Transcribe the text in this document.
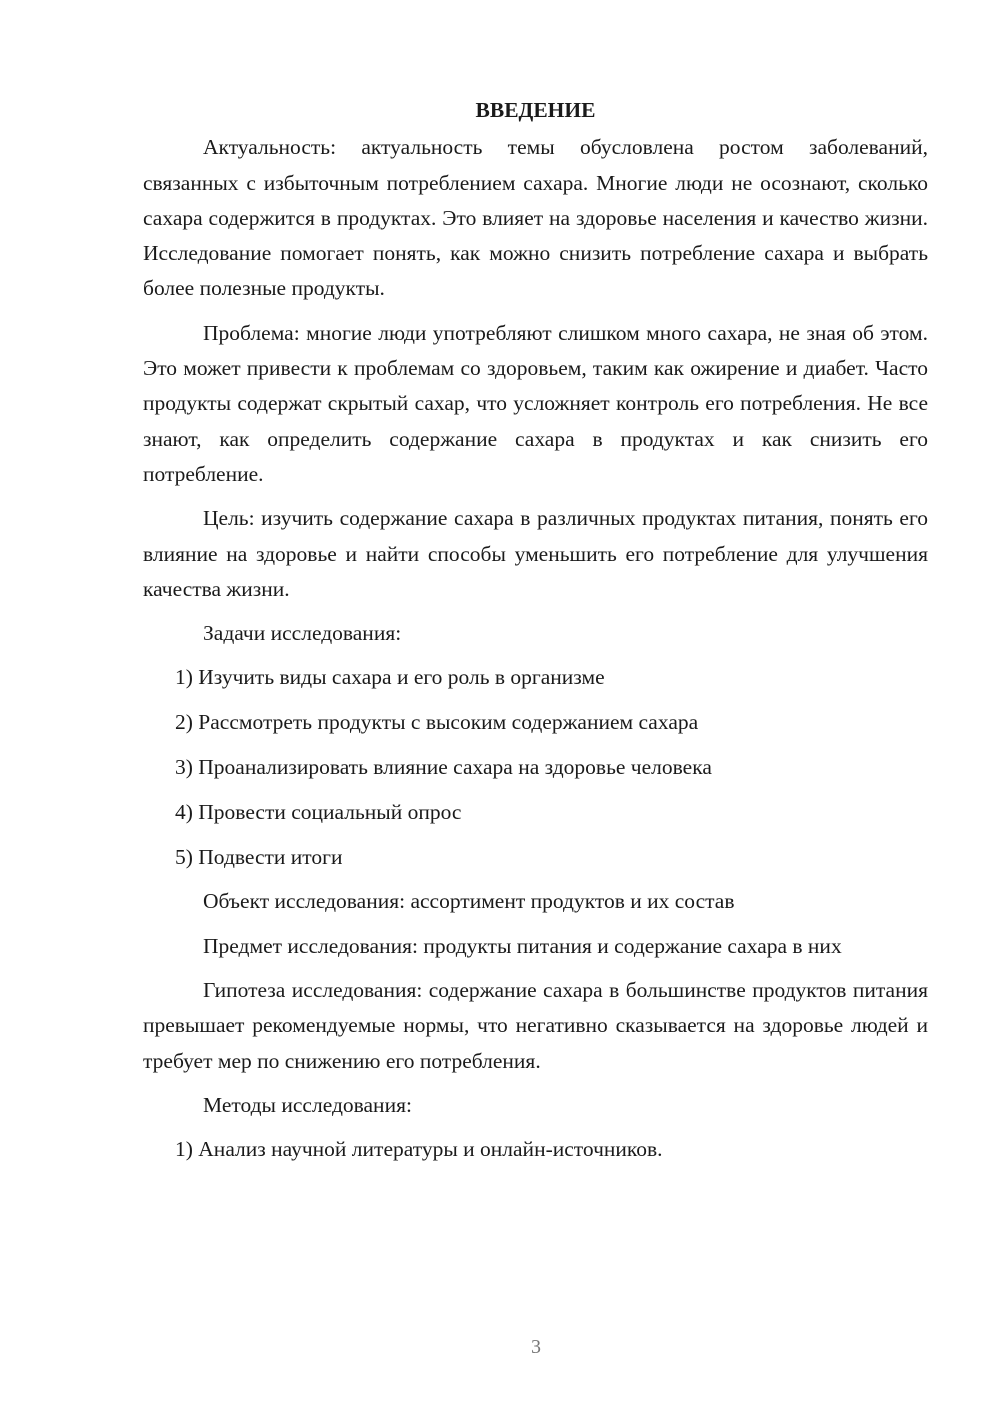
ВВЕДЕНИЕ

Актуальность: актуальность темы обусловлена ростом заболеваний, связанных с избыточным потреблением сахара. Многие люди не осознают, сколько сахара содержится в продуктах. Это влияет на здоровье населения и качество жизни. Исследование помогает понять, как можно снизить потребление сахара и выбрать более полезные продукты.

Проблема: многие люди употребляют слишком много сахара, не зная об этом. Это может привести к проблемам со здоровьем, таким как ожирение и диабет. Часто продукты содержат скрытый сахар, что усложняет контроль его потребления. Не все знают, как определить содержание сахара в продуктах и как снизить его потребление.

Цель: изучить содержание сахара в различных продуктах питания, понять его влияние на здоровье и найти способы уменьшить его потребление для улучшения качества жизни.

Задачи исследования:

1) Изучить виды сахара и его роль в организме
2) Рассмотреть продукты с высоким содержанием сахара
3) Проанализировать влияние сахара на здоровье человека
4) Провести социальный опрос
5) Подвести итоги

Объект исследования: ассортимент продуктов и их состав

Предмет исследования: продукты питания и содержание сахара в них

Гипотеза исследования: содержание сахара в большинстве продуктов питания превышает рекомендуемые нормы, что негативно сказывается на здоровье людей и требует мер по снижению его потребления.

Методы исследования:

1) Анализ научной литературы и онлайн-источников.
3
